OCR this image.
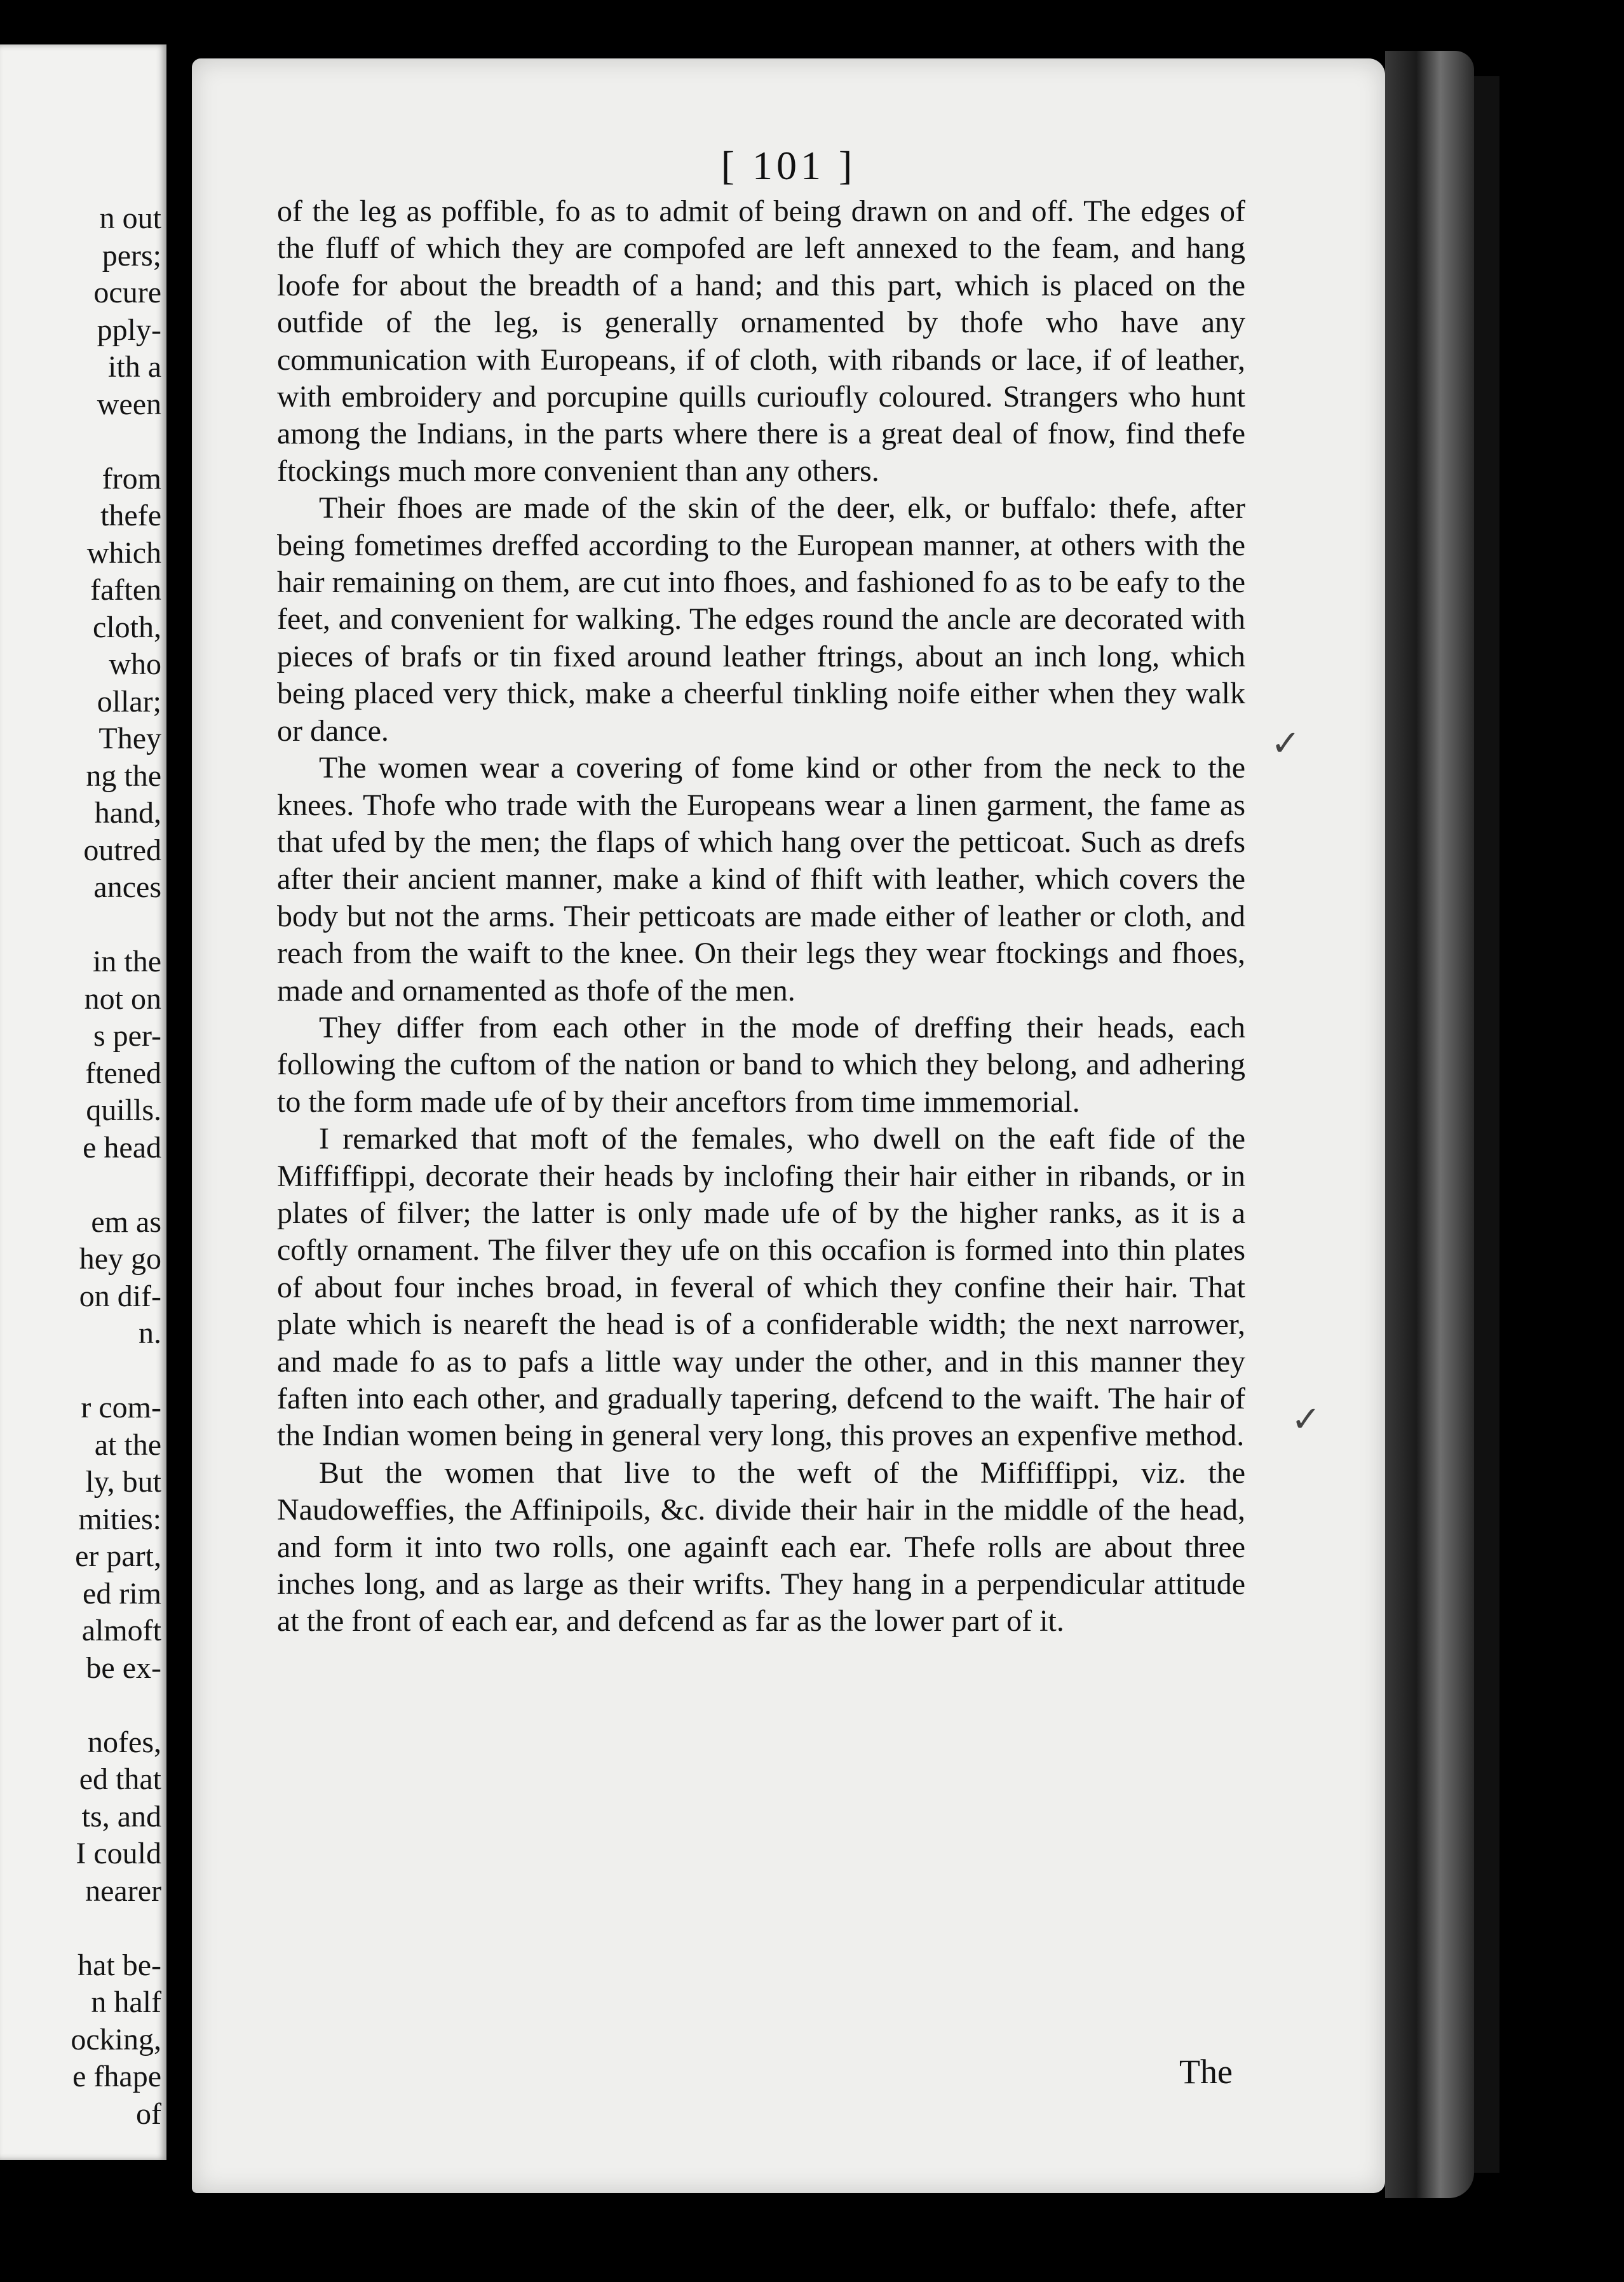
n out
pers;
ocure
pply-
ith a
ween
from
thefe
which
faften
cloth,
who
ollar;
They
ng the
hand,
outred
ances
in the
not on
s per-
ftened
quills.
e head
em as
hey go
on dif-
n.
r com-
at the
ly, but
mities:
er part,
ed rim
almoft
be ex-
nofes,
ed that
ts, and
I could
nearer
hat be-
n half
ocking,
e fhape
of
[ 101 ]

of the leg as poffible, fo as to admit of being drawn on and off. The edges of the fluff of which they are compofed are left annexed to the feam, and hang loofe for about the breadth of a hand; and this part, which is placed on the outfide of the leg, is generally ornamented by thofe who have any communication with Europeans, if of cloth, with ribands or lace, if of leather, with embroidery and porcupine quills curioufly coloured. Strangers who hunt among the Indians, in the parts where there is a great deal of fnow, find thefe ftockings much more convenient than any others.

Their fhoes are made of the skin of the deer, elk, or buffalo: thefe, after being fometimes dreffed according to the European manner, at others with the hair remaining on them, are cut into fhoes, and fashioned fo as to be eafy to the feet, and convenient for walking. The edges round the ancle are decorated with pieces of brafs or tin fixed around leather ftrings, about an inch long, which being placed very thick, make a cheerful tinkling noife either when they walk or dance.

The women wear a covering of fome kind or other from the neck to the knees. Thofe who trade with the Europeans wear a linen garment, the fame as that ufed by the men; the flaps of which hang over the petticoat. Such as drefs after their ancient manner, make a kind of fhift with leather, which covers the body but not the arms. Their petticoats are made either of leather or cloth, and reach from the waift to the knee. On their legs they wear ftockings and fhoes, made and ornamented as thofe of the men.

They differ from each other in the mode of dreffing their heads, each following the cuftom of the nation or band to which they belong, and adhering to the form made ufe of by their anceftors from time immemorial.

I remarked that moft of the females, who dwell on the eaft fide of the Miffiffippi, decorate their heads by inclofing their hair either in ribands, or in plates of filver; the latter is only made ufe of by the higher ranks, as it is a coftly ornament. The filver they ufe on this occafion is formed into thin plates of about four inches broad, in feveral of which they confine their hair. That plate which is neareft the head is of a confiderable width; the next narrower, and made fo as to pafs a little way under the other, and in this manner they faften into each other, and gradually tapering, defcend to the waift. The hair of the Indian women being in general very long, this proves an expenfive method.

But the women that live to the weft of the Miffiffippi, viz. the Naudoweffies, the Affinipoils, &c. divide their hair in the middle of the head, and form it into two rolls, one againft each ear. Thefe rolls are about three inches long, and as large as their wrifts. They hang in a perpendicular attitude at the front of each ear, and defcend as far as the lower part of it.

The
✓
✓
